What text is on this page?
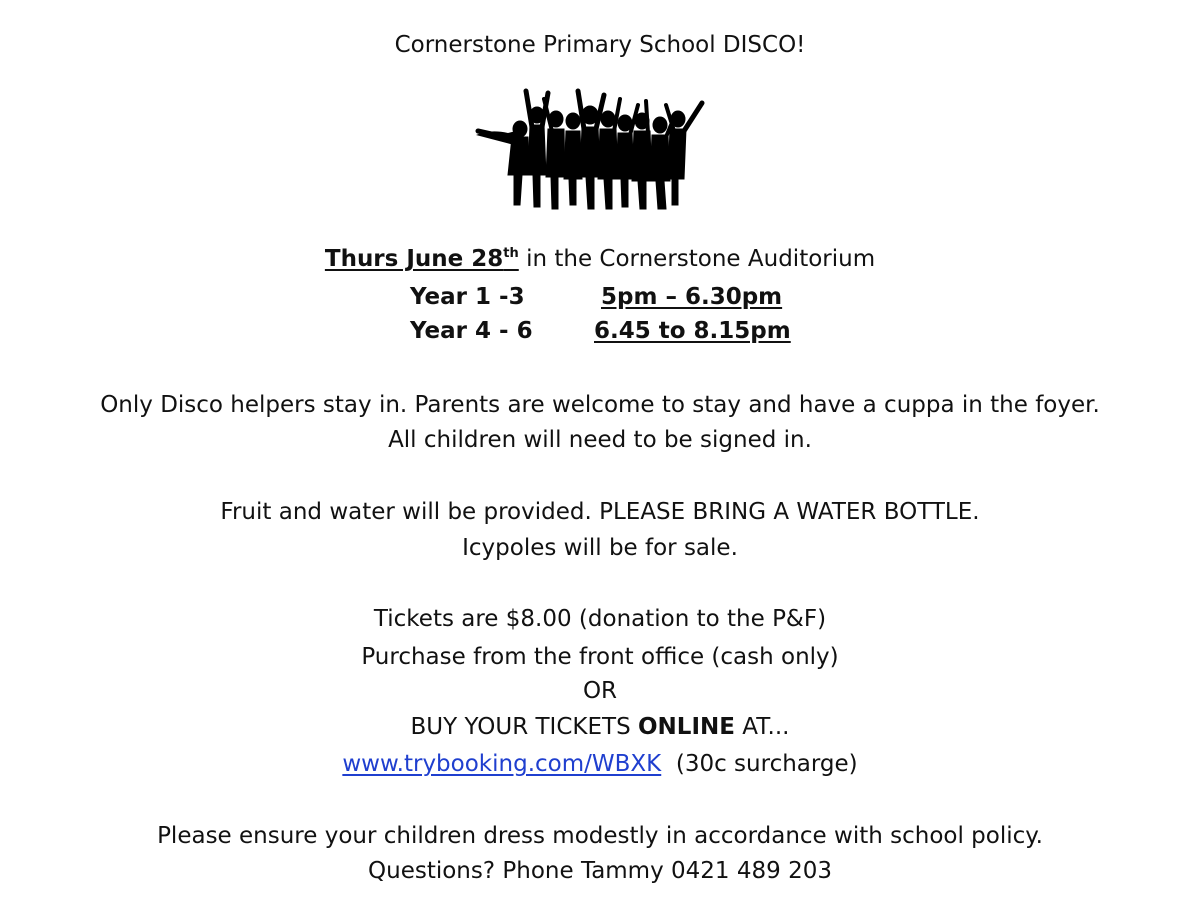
Cornerstone Primary School DISCO!
Thurs June 28th in the Cornerstone Auditorium
Year 1 -3	5pm – 6.30pm
Year 4 - 6	6.45 to 8.15pm
Only Disco helpers stay in. Parents are welcome to stay and have a cuppa in the foyer.
All children will need to be signed in.
Fruit and water will be provided. PLEASE BRING A WATER BOTTLE.
Icypoles will be for sale.
Tickets are $8.00 (donation to the P&F)
Purchase from the front office (cash only)
OR
BUY YOUR TICKETS ONLINE AT...
www.trybooking.com/WBXK  (30c surcharge)
Please ensure your children dress modestly in accordance with school policy.
Questions? Phone Tammy 0421 489 203
